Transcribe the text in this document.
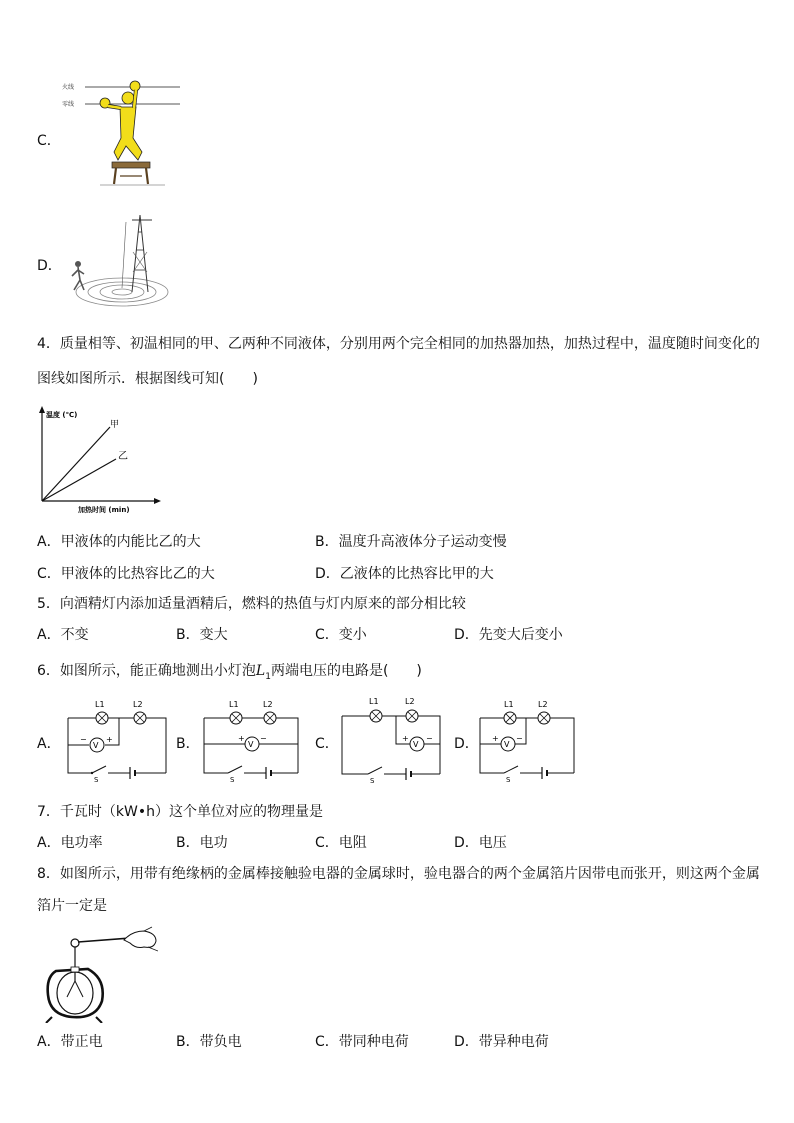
C．
火线
零线
D．
4．质量相等、初温相同的甲、乙两种不同液体，分别用两个完全相同的加热器加热，加热过程中，温度随时间变化的
图线如图所示．根据图线可知(　　)
温度 (℃)
加热时间 (min)
甲
乙
A．甲液体的内能比乙的大	B．温度升高液体分子运动变慢
C．甲液体的比热容比乙的大	D．乙液体的比热容比甲的大
5．向酒精灯内添加适量酒精后，燃料的热值与灯内原来的部分相比较
A．不变	B．变大	C．变小	D．先变大后变小
6．如图所示，能正确地测出小灯泡$L_1$两端电压的电路是(　　)
A．
S
L1	L2
V
− +	B．
S
L1	L2
V
+ −	C．
S
L1	L2
V
+ − D．
S
L1	L2
V
+ −
7．千瓦时（kW•h）这个单位对应的物理量是
A．电功率	B．电功	C．电阻	D．电压
8．如图所示，用带有绝缘柄的金属棒接触验电器的金属球时，验电器合的两个金属箔片因带电而张开，则这两个金属
箔片一定是
A．带正电	B．带负电	C．带同种电荷	D．带异种电荷
